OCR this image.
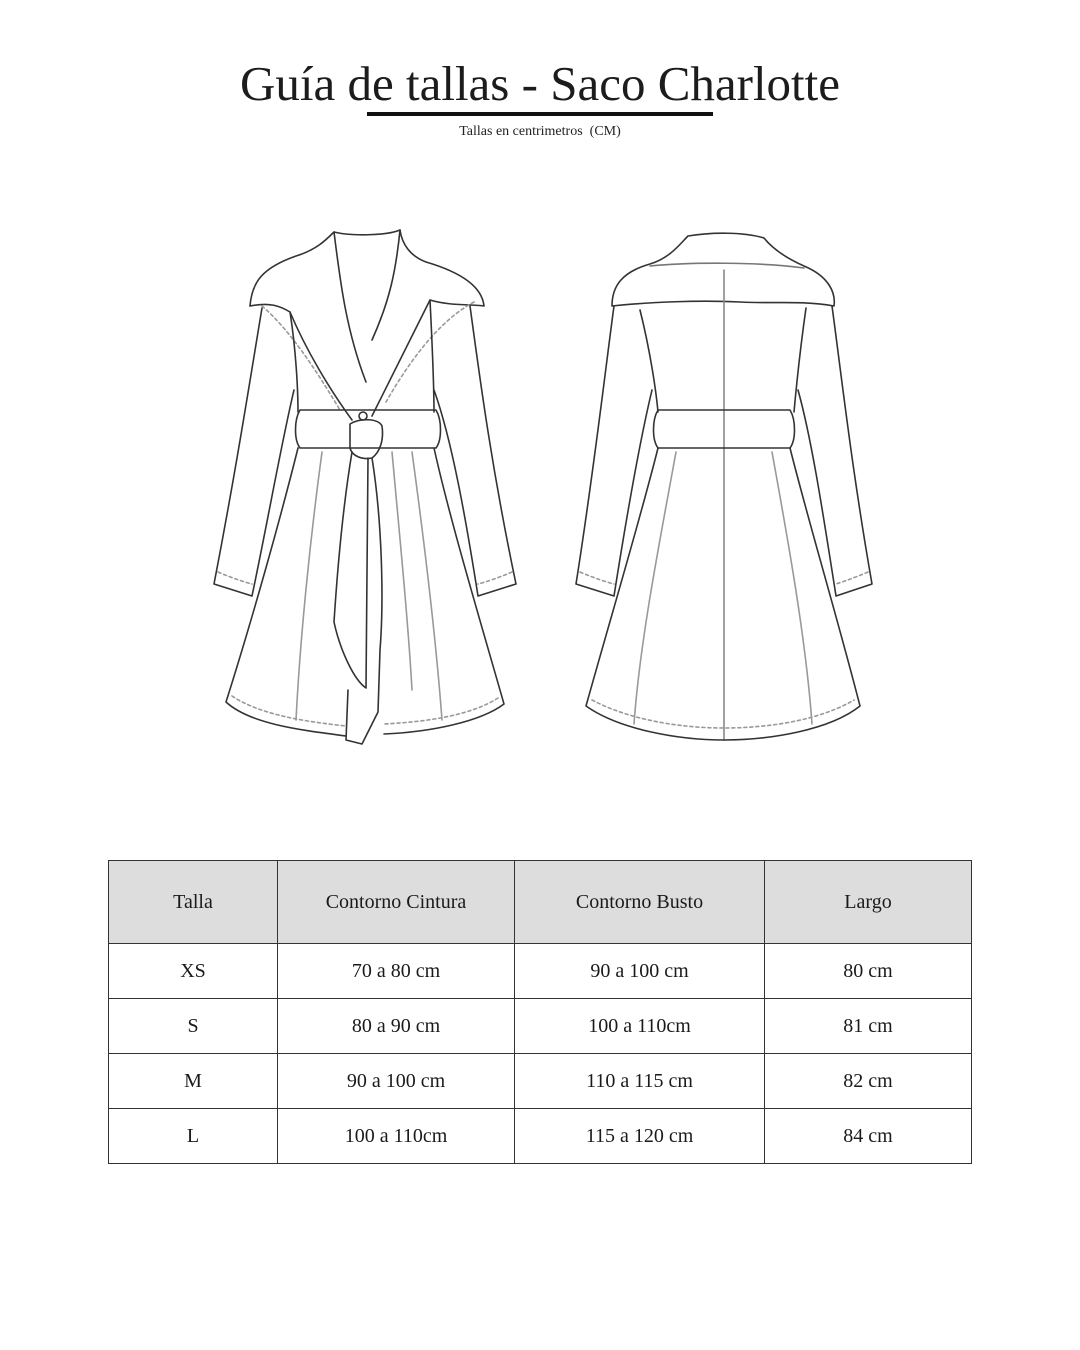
Guía de tallas - Saco Charlotte
Tallas en centrimetros  (CM)
Talla	Contorno Cintura	Contorno Busto	Largo
XS	70 a 80 cm	90 a 100 cm	80 cm
S	80 a 90 cm	100 a 110cm	81 cm
M	90 a 100 cm	110 a 115 cm	82 cm
L	100 a 110cm	115 a 120 cm	84 cm
